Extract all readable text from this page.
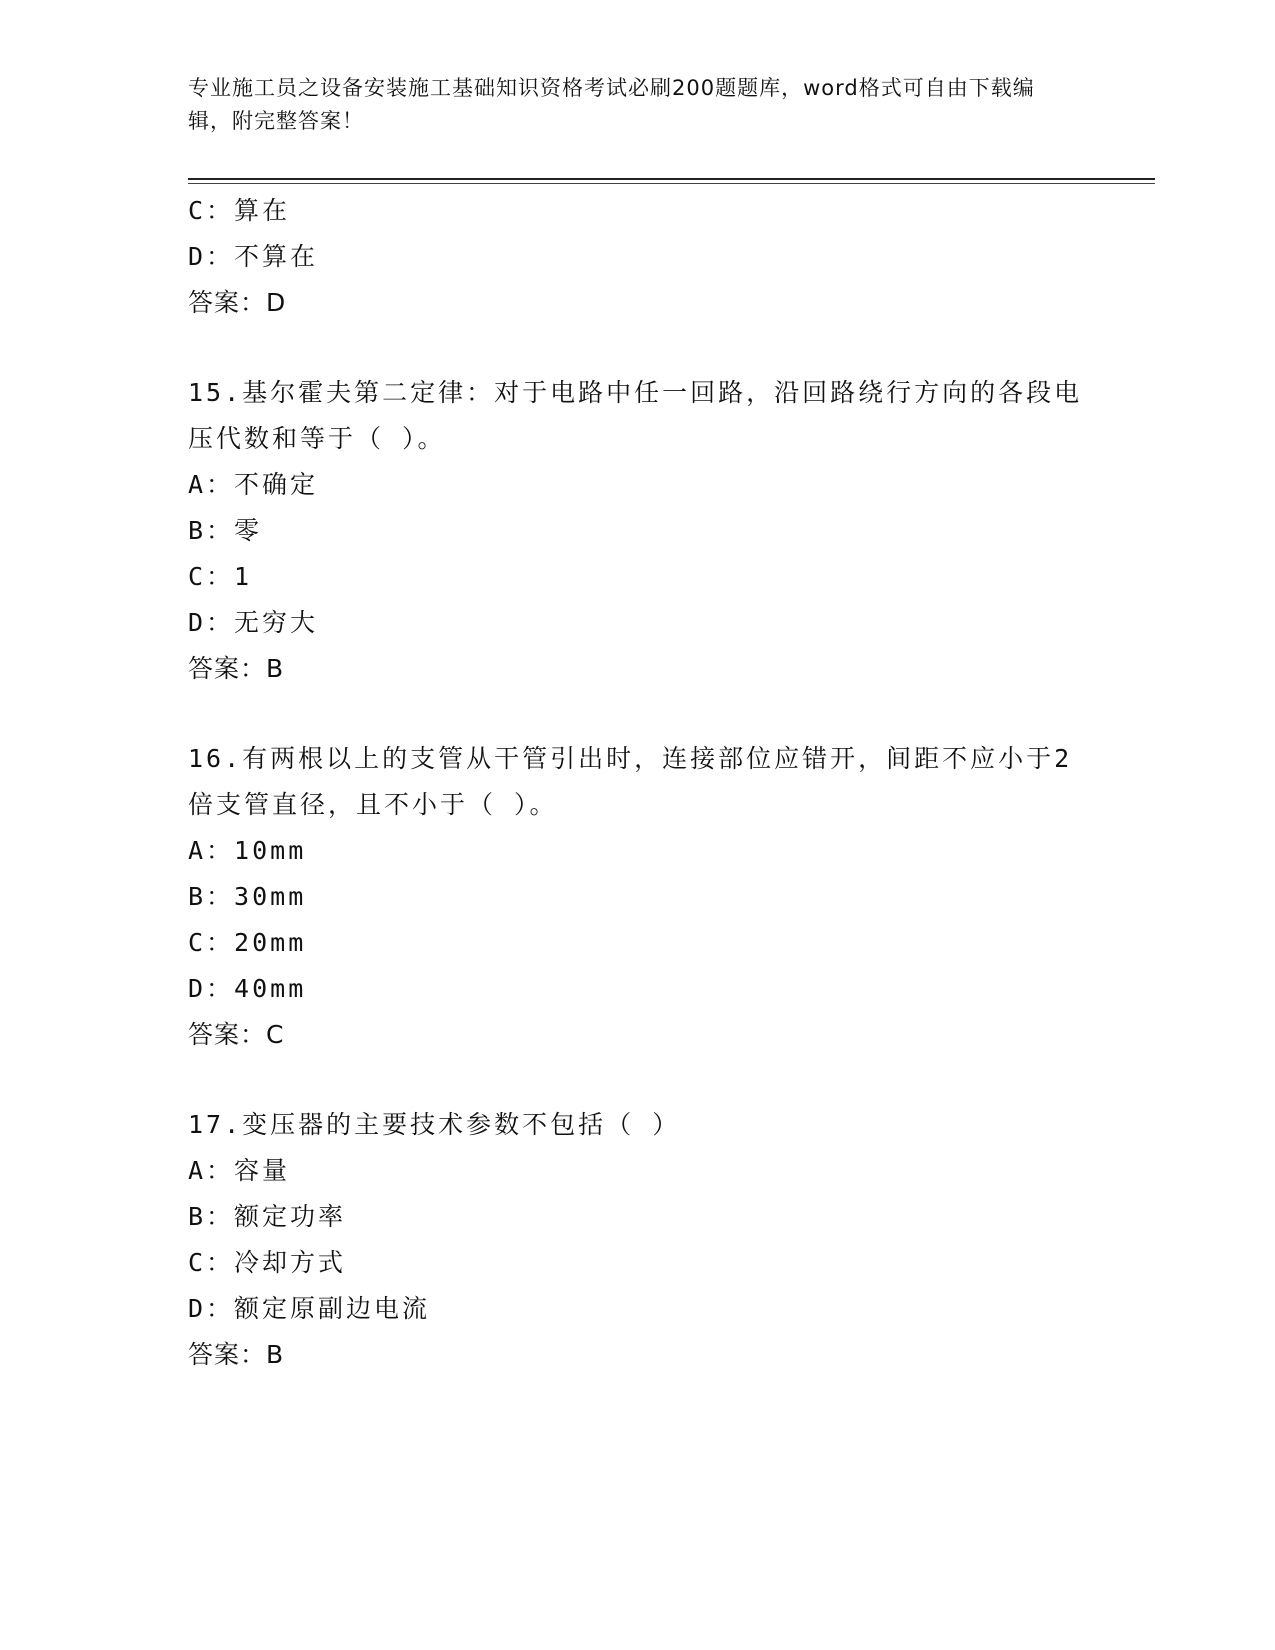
专业施工员之设备安装施工基础知识资格考试必刷200题题库，word格式可自由下载编辑，附完整答案！
C：算在
D：不算在
答案：D
15.基尔霍夫第二定律：对于电路中任一回路，沿回路绕行方向的各段电压代数和等于（ ）。
A：不确定
B：零
C：1
D：无穷大
答案：B
16.有两根以上的支管从干管引出时，连接部位应错开，间距不应小于2倍支管直径，且不小于（ ）。
A：10mm
B：30mm
C：20mm
D：40mm
答案：C
17.变压器的主要技术参数不包括（ ）
A：容量
B：额定功率
C：冷却方式
D：额定原副边电流
答案：B
